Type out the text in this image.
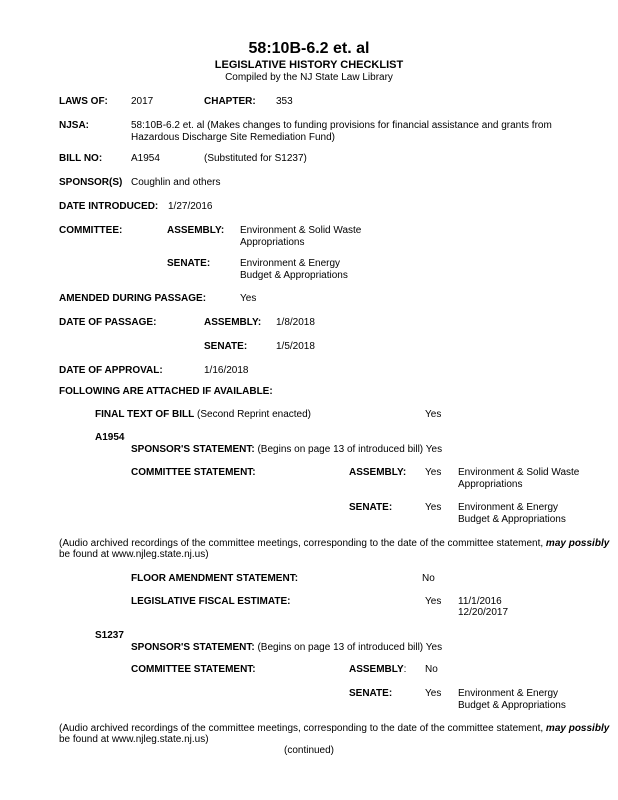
58:10B-6.2 et. al
LEGISLATIVE HISTORY CHECKLIST
Compiled by the NJ State Law Library
LAWS OF: 2017	CHAPTER: 353
NJSA:	58:10B-6.2 et. al (Makes changes to funding provisions for financial assistance and grants from Hazardous Discharge Site Remediation Fund)
BILL NO:	A1954	(Substituted for S1237)
SPONSOR(S) Coughlin and others
DATE INTRODUCED: 1/27/2016
COMMITTEE:	ASSEMBLY: Environment & Solid Waste
Appropriations
SENATE:	Environment & Energy
Budget & Appropriations
AMENDED DURING PASSAGE:	Yes
DATE OF PASSAGE:	ASSEMBLY: 1/8/2018
SENATE:	1/5/2018
DATE OF APPROVAL:	1/16/2018
FOLLOWING ARE ATTACHED IF AVAILABLE:
FINAL TEXT OF BILL (Second Reprint enacted)	Yes
A1954
SPONSOR'S STATEMENT: (Begins on page 13 of introduced bill) Yes
COMMITTEE STATEMENT:	ASSEMBLY: Yes Environment & Solid Waste
Appropriations
SENATE:	Yes Environment & Energy
Budget & Appropriations
(Audio archived recordings of the committee meetings, corresponding to the date of the committee statement, may possibly
be found at www.njleg.state.nj.us)
FLOOR AMENDMENT STATEMENT:	No
LEGISLATIVE FISCAL ESTIMATE:	Yes 11/1/2016
12/20/2017
S1237
SPONSOR'S STATEMENT: (Begins on page 13 of introduced bill) Yes
COMMITTEE STATEMENT:	ASSEMBLY: No
SENATE:	Yes Environment & Energy
Budget & Appropriations
(Audio archived recordings of the committee meetings, corresponding to the date of the committee statement, may possibly
be found at www.njleg.state.nj.us)
(continued)
